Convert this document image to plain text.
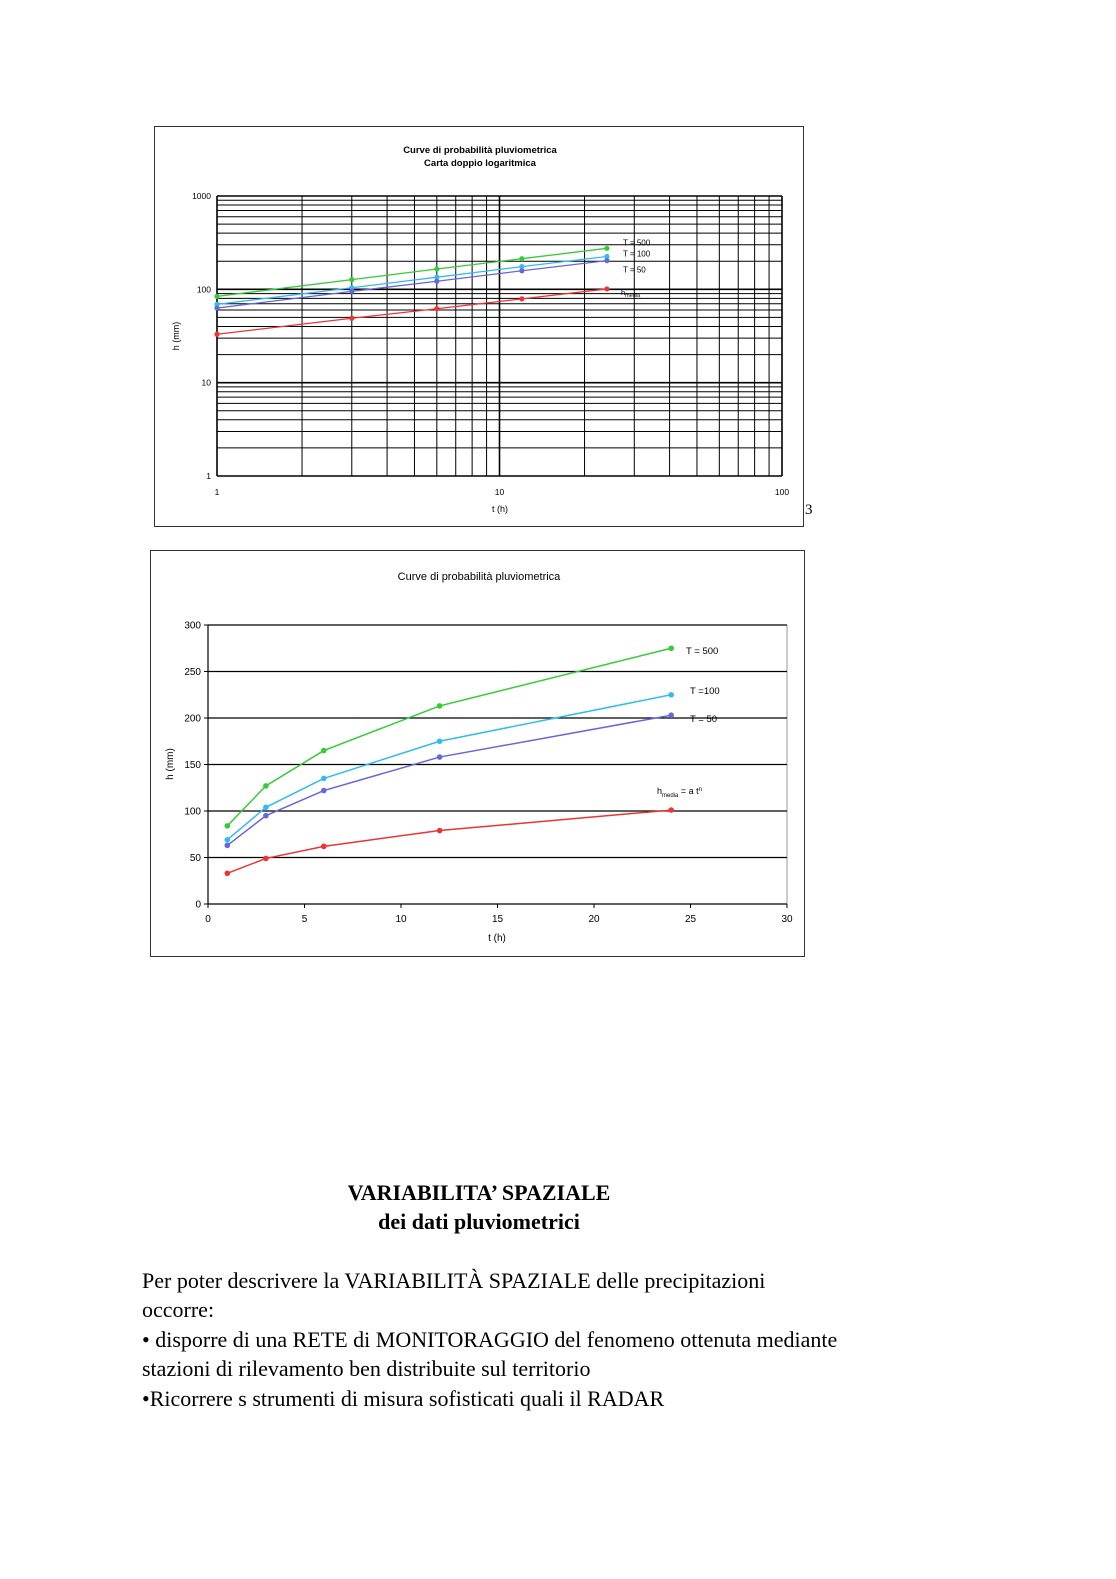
Curve di probabilità pluviometrica
Carta doppio logaritmica
1
10
100
1000
1	10	100
t (h)
h (mm)
T = 500
T = 100
T = 50
$h_{media}$
3
0
50
100
150
200
250
300
0	5	10	15	20	25	30
Curve di probabilità pluviometrica
t (h)
h (mm)
T = 500
T =100
T = 50
$h_{media} = a$ $t^n$
VARIABILITA’ SPAZIALE
dei dati pluviometrici

Per poter descrivere la VARIABILITÀ SPAZIALE delle precipitazioni occorre:

• disporre di una RETE di MONITORAGGIO del fenomeno ottenuta mediante stazioni di rilevamento ben distribuite sul territorio

•Ricorrere s strumenti di misura sofisticati quali il RADAR
